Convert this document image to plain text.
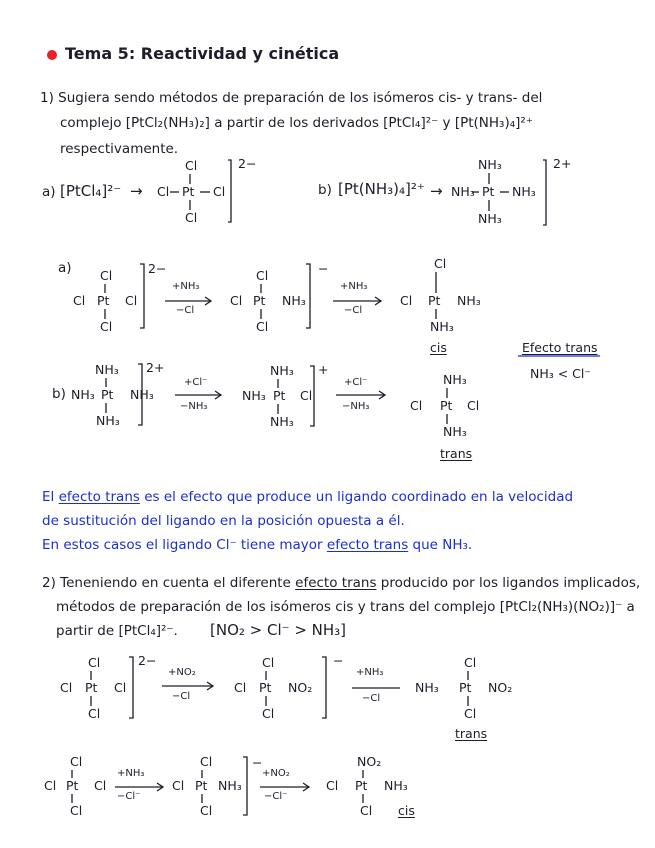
Tema 5: Reactividad y cinética
1) Sugiera sendo métodos de preparación de los isómeros cis- y trans- del
complejo [PtCl₂(NH₃)₂] a partir de los derivados [PtCl₄]²⁻ y [Pt(NH₃)₄]²⁺
respectivamente.
a) [PtCl₄]²⁻ →
Cl
Cl Pt Cl
Cl
2−
b) [Pt(NH₃)₄]²⁺ →
NH₃
NH₃ Pt NH₃
NH₃
2+
a) Cl
Cl Pt Cl
Cl
2−
+NH₃
−Cl
Cl
Cl Pt NH₃
Cl
−
+NH₃
−Cl
Cl
Cl Pt NH₃
NH₃
cis	Efecto trans
NH₃ < Cl⁻
b)
NH₃
NH₃ Pt NH₃
NH₃
2+
+Cl⁻
−NH₃
NH₃
NH₃ Pt Cl
NH₃
+
+Cl⁻
−NH₃
NH₃
Cl Pt Cl
NH₃
trans
El efecto trans es el efecto que produce un ligando coordinado en la velocidad
de sustitución del ligando en la posición opuesta a él.
En estos casos el ligando Cl⁻ tiene mayor efecto trans que NH₃.
2) Teneniendo en cuenta el diferente efecto trans producido por los ligandos implicados,
métodos de preparación de los isómeros cis y trans del complejo [PtCl₂(NH₃)(NO₂)]⁻ a
partir de [PtCl₄]²⁻. [NO₂ > Cl⁻ > NH₃]
Cl
Cl Pt Cl
Cl
2−
+NO₂
−Cl
Cl
Cl Pt NO₂
Cl
−
+NH₃
−Cl
Cl
NH₃ Pt NO₂
Cl
trans
Cl
Cl Pt Cl
Cl
+NH₃
−Cl⁻
Cl
Cl Pt NH₃
Cl
−
+NO₂
−Cl⁻
NO₂
Cl Pt NH₃
Cl cis
